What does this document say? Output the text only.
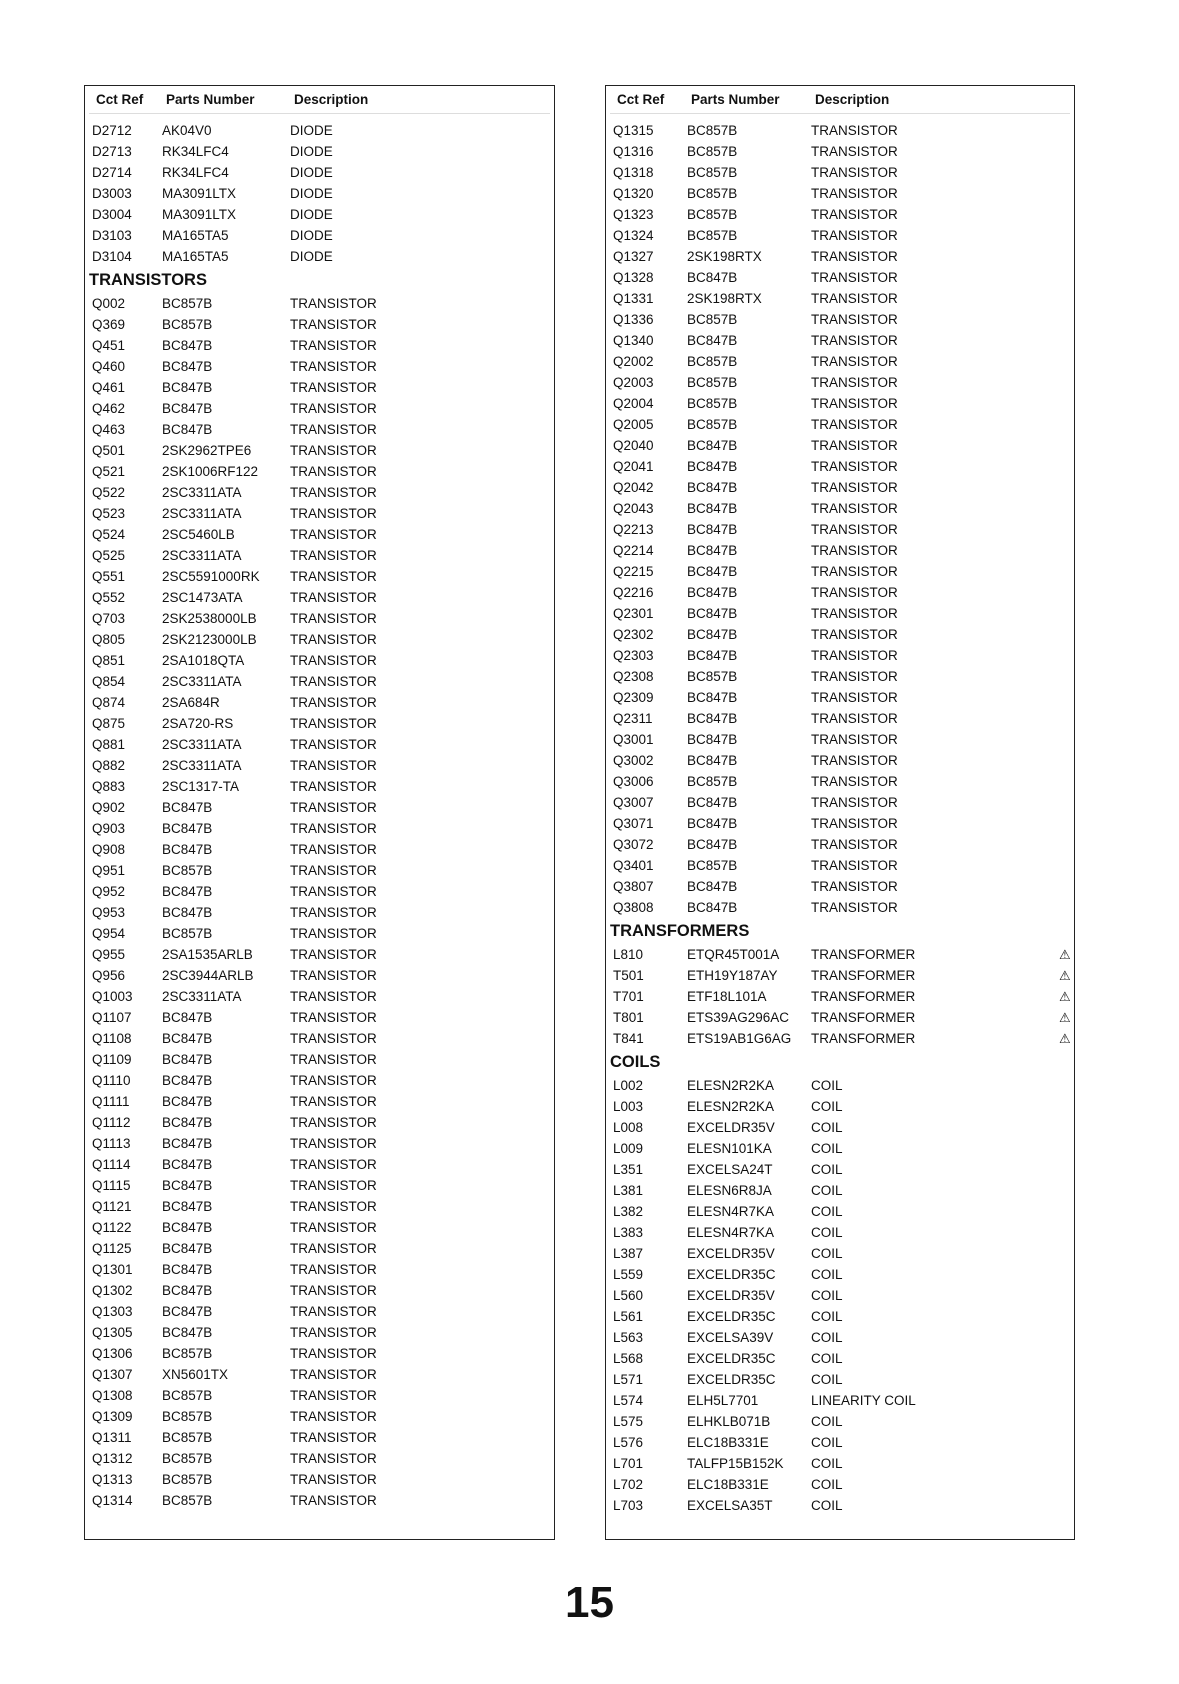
Cct Ref Parts Number	Description
D2712 AK04V0	DIODE
D2713 RK34LFC4	DIODE
D2714 RK34LFC4	DIODE
D3003 MA3091LTX	DIODE
D3004 MA3091LTX	DIODE
D3103 MA165TA5	DIODE
D3104 MA165TA5	DIODE
TRANSISTORS
Q002	BC857B	TRANSISTOR
Q369	BC857B	TRANSISTOR
Q451	BC847B	TRANSISTOR
Q460	BC847B	TRANSISTOR
Q461	BC847B	TRANSISTOR
Q462	BC847B	TRANSISTOR
Q463	BC847B	TRANSISTOR
Q501	2SK2962TPE6	TRANSISTOR
Q521	2SK1006RF122 TRANSISTOR
Q522	2SC3311ATA	TRANSISTOR
Q523	2SC3311ATA	TRANSISTOR
Q524	2SC5460LB	TRANSISTOR
Q525	2SC3311ATA	TRANSISTOR
Q551	2SC5591000RK TRANSISTOR
Q552	2SC1473ATA	TRANSISTOR
Q703	2SK2538000LB TRANSISTOR
Q805	2SK2123000LB TRANSISTOR
Q851	2SA1018QTA	TRANSISTOR
Q854	2SC3311ATA	TRANSISTOR
Q874	2SA684R	TRANSISTOR
Q875	2SA720-RS	TRANSISTOR
Q881	2SC3311ATA	TRANSISTOR
Q882	2SC3311ATA	TRANSISTOR
Q883	2SC1317-TA	TRANSISTOR
Q902	BC847B	TRANSISTOR
Q903	BC847B	TRANSISTOR
Q908	BC847B	TRANSISTOR
Q951	BC857B	TRANSISTOR
Q952	BC847B	TRANSISTOR
Q953	BC847B	TRANSISTOR
Q954	BC857B	TRANSISTOR
Q955	2SA1535ARLB	TRANSISTOR
Q956	2SC3944ARLB	TRANSISTOR
Q1003 2SC3311ATA	TRANSISTOR
Q1107 BC847B	TRANSISTOR
Q1108 BC847B	TRANSISTOR
Q1109 BC847B	TRANSISTOR
Q1110 BC847B	TRANSISTOR
Q1111 BC847B	TRANSISTOR
Q1112 BC847B	TRANSISTOR
Q1113 BC847B	TRANSISTOR
Q1114 BC847B	TRANSISTOR
Q1115 BC847B	TRANSISTOR
Q1121 BC847B	TRANSISTOR
Q1122 BC847B	TRANSISTOR
Q1125 BC847B	TRANSISTOR
Q1301 BC847B	TRANSISTOR
Q1302 BC847B	TRANSISTOR
Q1303 BC847B	TRANSISTOR
Q1305 BC847B	TRANSISTOR
Q1306 BC857B	TRANSISTOR
Q1307 XN5601TX	TRANSISTOR
Q1308 BC857B	TRANSISTOR
Q1309 BC857B	TRANSISTOR
Q1311 BC857B	TRANSISTOR
Q1312 BC857B	TRANSISTOR
Q1313 BC857B	TRANSISTOR
Q1314 BC857B	TRANSISTOR
Cct Ref Parts Number	Description
Q1315 BC857B	TRANSISTOR
Q1316 BC857B	TRANSISTOR
Q1318 BC857B	TRANSISTOR
Q1320 BC857B	TRANSISTOR
Q1323 BC857B	TRANSISTOR
Q1324 BC857B	TRANSISTOR
Q1327 2SK198RTX	TRANSISTOR
Q1328 BC847B	TRANSISTOR
Q1331 2SK198RTX	TRANSISTOR
Q1336 BC857B	TRANSISTOR
Q1340 BC847B	TRANSISTOR
Q2002 BC857B	TRANSISTOR
Q2003 BC857B	TRANSISTOR
Q2004 BC857B	TRANSISTOR
Q2005 BC857B	TRANSISTOR
Q2040 BC847B	TRANSISTOR
Q2041 BC847B	TRANSISTOR
Q2042 BC847B	TRANSISTOR
Q2043 BC847B	TRANSISTOR
Q2213 BC847B	TRANSISTOR
Q2214 BC847B	TRANSISTOR
Q2215 BC847B	TRANSISTOR
Q2216 BC847B	TRANSISTOR
Q2301 BC847B	TRANSISTOR
Q2302 BC847B	TRANSISTOR
Q2303 BC847B	TRANSISTOR
Q2308 BC857B	TRANSISTOR
Q2309 BC847B	TRANSISTOR
Q2311	BC847B	TRANSISTOR
Q3001 BC847B	TRANSISTOR
Q3002 BC847B	TRANSISTOR
Q3006 BC857B	TRANSISTOR
Q3007 BC847B	TRANSISTOR
Q3071 BC847B	TRANSISTOR
Q3072 BC847B	TRANSISTOR
Q3401 BC857B	TRANSISTOR
Q3807 BC847B	TRANSISTOR
Q3808 BC847B	TRANSISTOR
TRANSFORMERS
L810	ETQR45T001A TRANSFORMER	⚠
T501	ETH19Y187AY TRANSFORMER	⚠
T701	ETF18L101A	TRANSFORMER	⚠
T801	ETS39AG296AC TRANSFORMER	⚠
T841	ETS19AB1G6AG TRANSFORMER	⚠
COILS
L002	ELESN2R2KA	COIL
L003	ELESN2R2KA	COIL
L008	EXCELDR35V	COIL
L009	ELESN101KA	COIL
L351	EXCELSA24T	COIL
L381	ELESN6R8JA	COIL
L382	ELESN4R7KA	COIL
L383	ELESN4R7KA	COIL
L387	EXCELDR35V	COIL
L559	EXCELDR35C	COIL
L560	EXCELDR35V	COIL
L561	EXCELDR35C	COIL
L563	EXCELSA39V	COIL
L568	EXCELDR35C	COIL
L571	EXCELDR35C	COIL
L574	ELH5L7701	LINEARITY COIL
L575	ELHKLB071B	COIL
L576	ELC18B331E	COIL
L701	TALFP15B152K COIL
L702	ELC18B331E	COIL
L703	EXCELSA35T	COIL
15
